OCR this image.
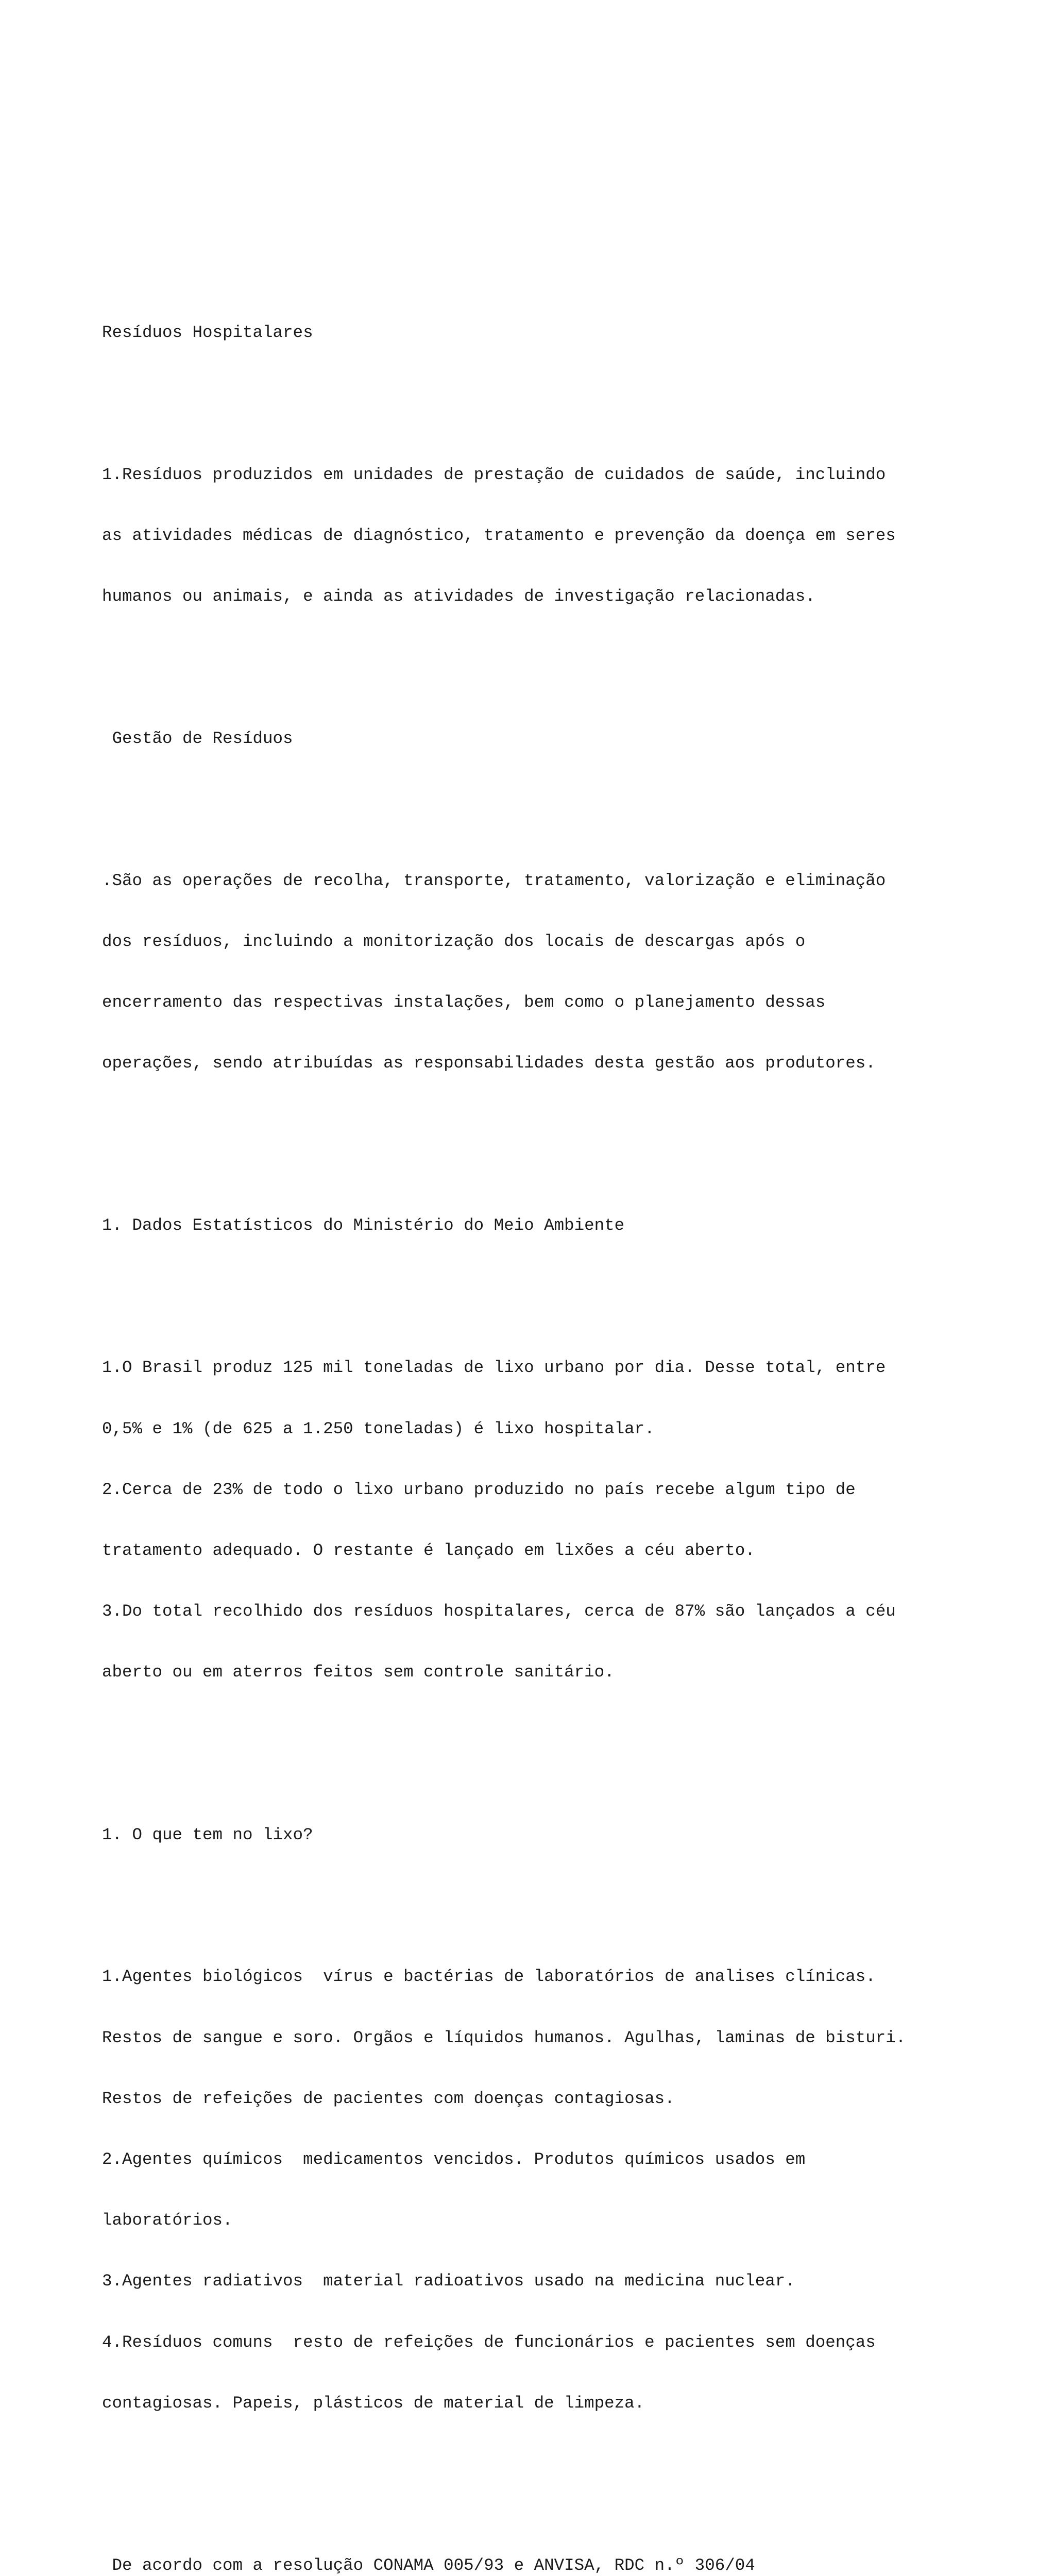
Resíduos Hospitalares

1.Resíduos produzidos em unidades de prestação de cuidados de saúde, incluindo

as atividades médicas de diagnóstico, tratamento e prevenção da doença em seres

humanos ou animais, e ainda as atividades de investigação relacionadas.

Gestão de Resíduos

.São as operações de recolha, transporte, tratamento, valorização e eliminação

dos resíduos, incluindo a monitorização dos locais de descargas após o

encerramento das respectivas instalações, bem como o planejamento dessas

operações, sendo atribuídas as responsabilidades desta gestão aos produtores.

1. Dados Estatísticos do Ministério do Meio Ambiente

1.O Brasil produz 125 mil toneladas de lixo urbano por dia. Desse total, entre

0,5% e 1% (de 625 a 1.250 toneladas) é lixo hospitalar.

2.Cerca de 23% de todo o lixo urbano produzido no país recebe algum tipo de

tratamento adequado. O restante é lançado em lixões a céu aberto.

3.Do total recolhido dos resíduos hospitalares, cerca de 87% são lançados a céu

aberto ou em aterros feitos sem controle sanitário.

1. O que tem no lixo?

1.Agentes biológicos  vírus e bactérias de laboratórios de analises clínicas.

Restos de sangue e soro. Orgãos e líquidos humanos. Agulhas, laminas de bisturi.

Restos de refeições de pacientes com doenças contagiosas.

2.Agentes químicos  medicamentos vencidos. Produtos químicos usados em

laboratórios.

3.Agentes radiativos  material radioativos usado na medicina nuclear.

4.Resíduos comuns  resto de refeições de funcionários e pacientes sem doenças

contagiosas. Papeis, plásticos de material de limpeza.

De acordo com a resolução CONAMA 005/93 e ANVISA, RDC n.º 306/04
